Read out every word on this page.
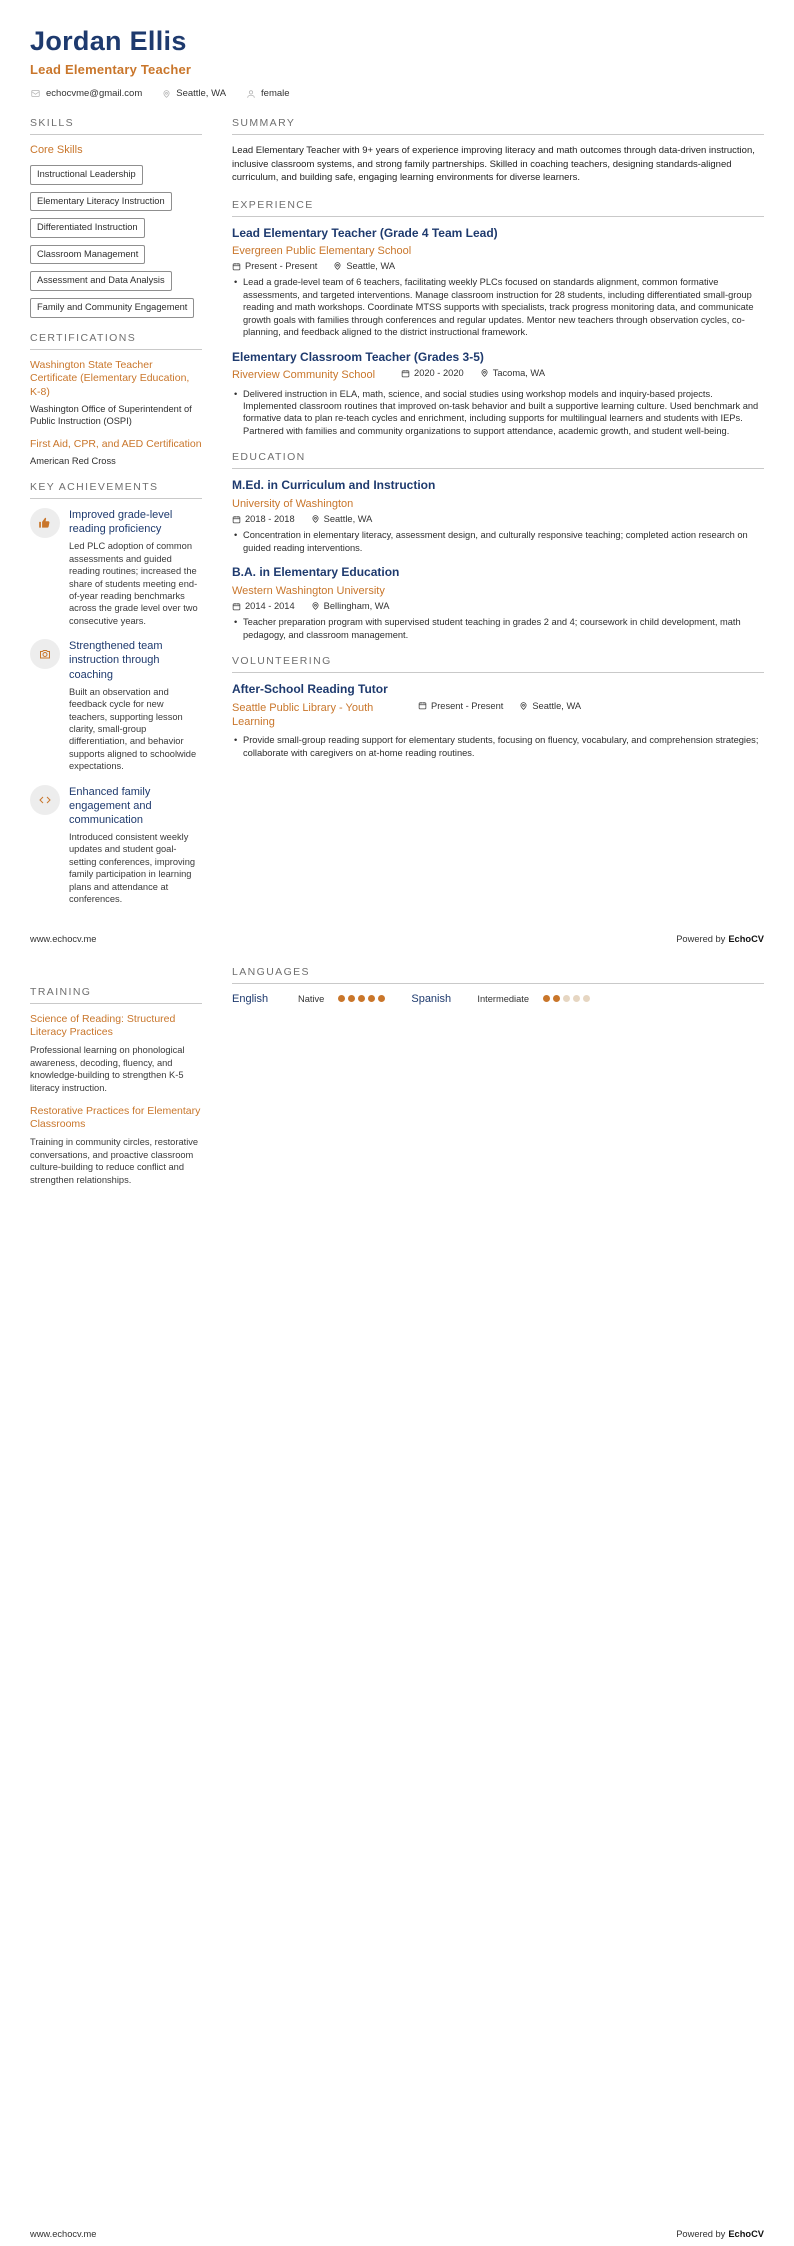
Jordan Ellis
Lead Elementary Teacher
echocvme@gmail.com	Seattle, WA	female
SKILLS
Core Skills
Instructional Leadership
Elementary Literacy Instruction
Differentiated Instruction
Classroom Management
Assessment and Data Analysis
Family and Community Engagement
CERTIFICATIONS
Washington State Teacher Certificate (Elementary Education, K-8)
Washington Office of Superintendent of Public Instruction (OSPI)
First Aid, CPR, and AED Certification
American Red Cross
KEY ACHIEVEMENTS
Improved grade-level reading proficiency
Led PLC adoption of common assessments and guided reading routines; increased the share of students meeting end-of-year reading benchmarks across the grade level over two consecutive years.
Strengthened team instruction through coaching
Built an observation and feedback cycle for new teachers, supporting lesson clarity, small-group differentiation, and behavior supports aligned to schoolwide expectations.
Enhanced family engagement and communication
Introduced consistent weekly updates and student goal-setting conferences, improving family participation in learning plans and attendance at conferences.
SUMMARY

Lead Elementary Teacher with 9+ years of experience improving literacy and math outcomes through data-driven instruction, inclusive classroom systems, and strong family partnerships. Skilled in coaching teachers, designing standards-aligned curriculum, and building safe, engaging learning environments for diverse learners.

EXPERIENCE
Lead Elementary Teacher (Grade 4 Team Lead)
Evergreen Public Elementary School
Present - Present	Seattle, WA
• Lead a grade-level team of 6 teachers, facilitating weekly PLCs focused on standards alignment, common formative assessments, and targeted interventions. Manage classroom instruction for 28 students, including differentiated small-group reading and math workshops. Coordinate MTSS supports with specialists, track progress monitoring data, and communicate growth goals with families through conferences and regular updates. Mentor new teachers through observation cycles, co-planning, and feedback aligned to the district instructional framework.
Elementary Classroom Teacher (Grades 3-5)
Riverview Community School	2020 - 2020	Tacoma, WA
• Delivered instruction in ELA, math, science, and social studies using workshop models and inquiry-based projects. Implemented classroom routines that improved on-task behavior and built a supportive learning culture. Used benchmark and formative data to plan re-teach cycles and enrichment, including supports for multilingual learners and students with IEPs. Partnered with families and community organizations to support attendance, academic growth, and student well-being.
EDUCATION
M.Ed. in Curriculum and Instruction
University of Washington
2018 - 2018	Seattle, WA
• Concentration in elementary literacy, assessment design, and culturally responsive teaching; completed action research on guided reading interventions.
B.A. in Elementary Education
Western Washington University
2014 - 2014	Bellingham, WA
• Teacher preparation program with supervised student teaching in grades 2 and 4; coursework in child development, math pedagogy, and classroom management.
VOLUNTEERING
After-School Reading Tutor
Seattle Public Library - Youth Learning
Present - Present	Seattle, WA
• Provide small-group reading support for elementary students, focusing on fluency, vocabulary, and comprehension strategies; collaborate with caregivers on at-home reading routines.
www.echocv.me	Powered by EchoCV
TRAINING
Science of Reading: Structured Literacy Practices
Professional learning on phonological awareness, decoding, fluency, and knowledge-building to strengthen K-5 literacy instruction.
Restorative Practices for Elementary Classrooms
Training in community circles, restorative conversations, and proactive classroom culture-building to reduce conflict and strengthen relationships.
LANGUAGES
English	Native	Spanish	Intermediate
www.echocv.me	Powered by EchoCV
